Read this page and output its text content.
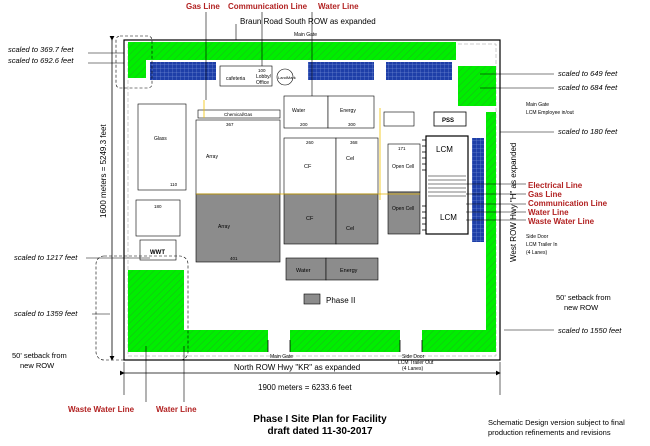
Gas Line Communication Line Water Line
Braun Road South ROW as expanded
scaled to 369.7 feet
scaled to 692.6 feet
scaled to 1217 feet
scaled to 1359 feet
50' setback from
new ROW
1600 meters = 5249.3 feet
scaled to 649 feet
scaled to 684 feet
Main Gate
LCM Employee in/out
scaled to 180 feet
Electrical Line
Gas Line
Communication Line
Water Line
Waste Water Line
West ROW Hwy "H" as expanded Side Door
LCM Trailer In
(4 Lanes)
50' setback from
new ROW
scaled to 1550 feet
Main Gate	Side Door
LCM Trailer Out
(4 Lanes)
North ROW Hwy "KR" as expanded
1900 meters = 6233.6 feet
Waste Water Line	Water Line
Main Gate
cafeteria
100
Lobby/
Office
LandMark
Chemical/Gas
Glass
110
367
Array
Water
200
Energy
300
PSS
260
CF
368
Cel
171
Open Cell
LCM
LCM
Array
401
CF
Cel
Open Cell
180
WWT
Water	Energy
Phase II
Phase I Site Plan for Facility
draft dated 11-30-2017
Schematic Design version subject to final production refinements and revisions
